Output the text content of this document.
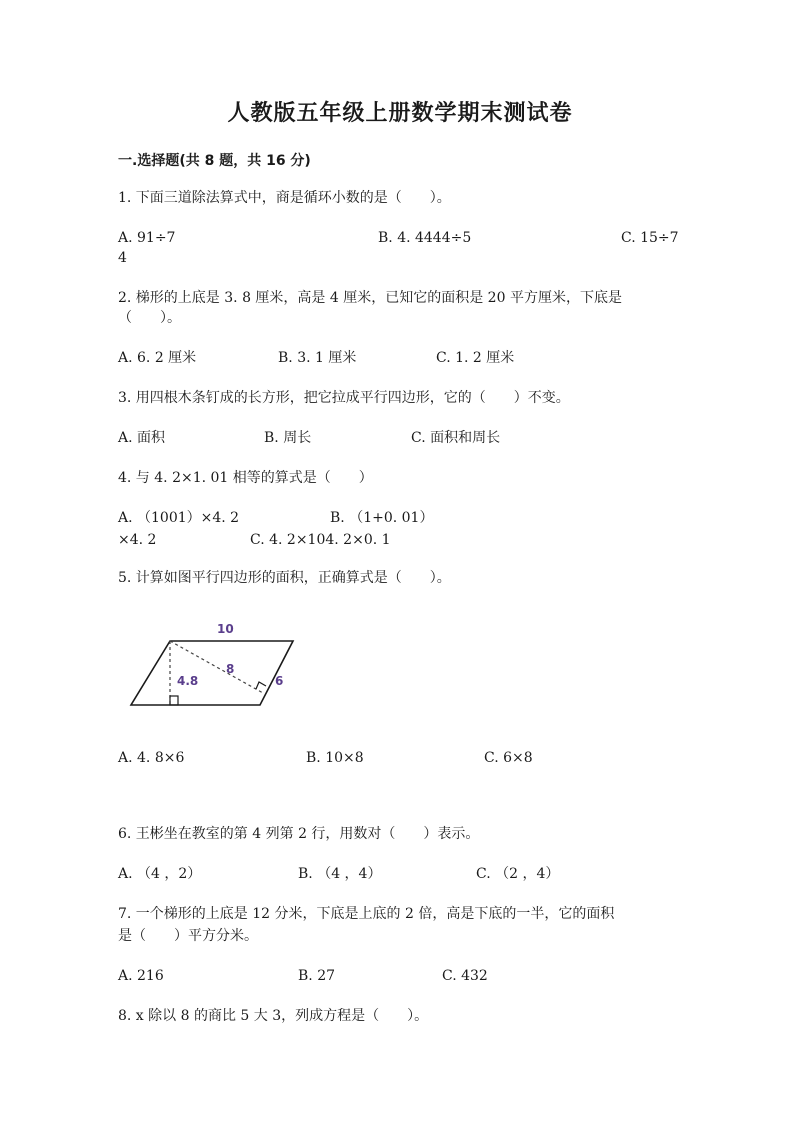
人教版五年级上册数学期末测试卷
一.选择题(共 8 题，共 16 分)
1. 下面三道除法算式中，商是循环小数的是（　　）。
A. 91÷7	B. 4. 4444÷5	C. 15÷7
4
2. 梯形的上底是 3. 8 厘米，高是 4 厘米，已知它的面积是 20 平方厘米，下底是
（　　）。
A. 6. 2 厘米	B. 3. 1 厘米	C. 1. 2 厘米
3. 用四根木条钉成的长方形，把它拉成平行四边形，它的（　　）不变。
A. 面积	B. 周长	C. 面积和周长
4. 与 4. 2×1. 01 相等的算式是（　　）
A. （1001）×4. 2	B. （1+0. 01）
×4. 2	C. 4. 2×104. 2×0. 1
5. 计算如图平行四边形的面积，正确算式是（　　）。
10
4.8
8
6
A. 4. 8×6	B. 10×8	C. 6×8
6. 王彬坐在教室的第 4 列第 2 行，用数对（　　）表示。
A. （4 ，2）	B. （4 ，4）	C. （2 ，4）
7. 一个梯形的上底是 12 分米，下底是上底的 2 倍，高是下底的一半，它的面积
是（　　）平方分米。
A. 216	B. 27	C. 432
8. x 除以 8 的商比 5 大 3，列成方程是（　　）。
